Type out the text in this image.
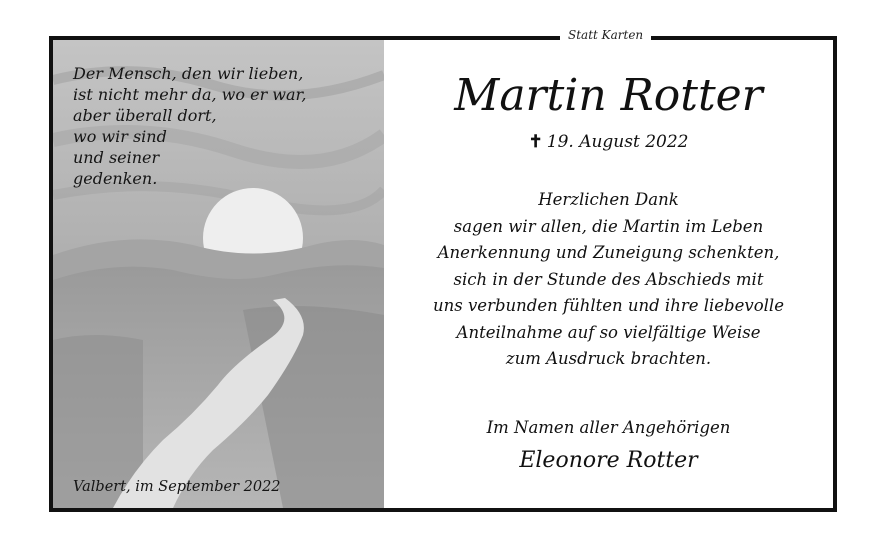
Statt Karten
Der Mensch, den wir lieben,
ist nicht mehr da, wo er war,
aber überall dort,
wo wir sind
und seiner
gedenken.
Valbert, im September 2022
Martin Rotter
✝ 19. August 2022
Herzlichen Dank
sagen wir allen, die Martin im Leben
Anerkennung und Zuneigung schenkten,
sich in der Stunde des Abschieds mit
uns verbunden fühlten und ihre liebevolle
Anteilnahme auf so vielfältige Weise
zum Ausdruck brachten.
Im Namen aller Angehörigen
Eleonore Rotter
